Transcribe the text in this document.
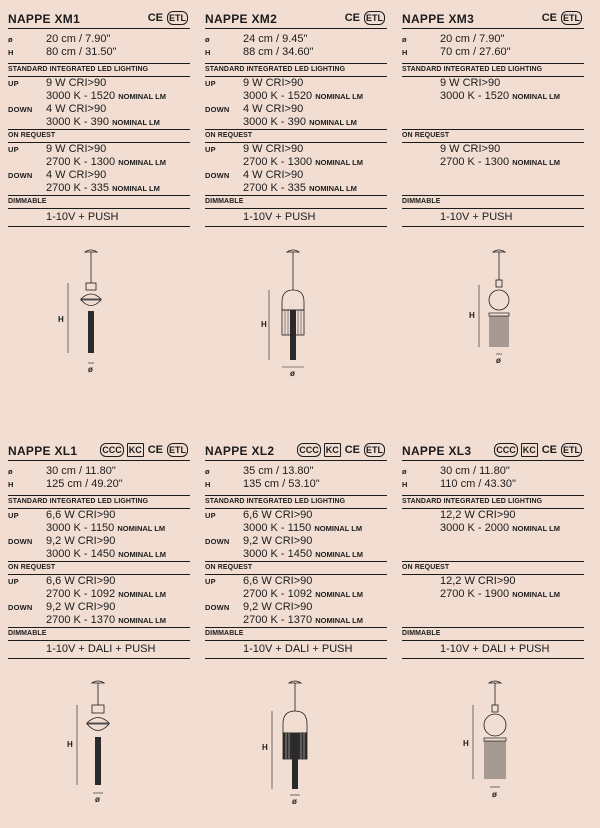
NAPPE XM1	CE ETL
ø	20 cm / 7.90"
H	80 cm / 31.50"
STANDARD INTEGRATED LED LIGHTING
UP 9 W CRI>90
3000 K - 1520 NOMINAL LM
DOWN 4 W CRI>90
3000 K - 390 NOMINAL LM
ON REQUEST
UP 9 W CRI>90
2700 K - 1300 NOMINAL LM
DOWN 4 W CRI>90
2700 K - 335 NOMINAL LM
DIMMABLE
1-10V + PUSH
NAPPE XM2	CE ETL
ø	24 cm / 9.45"
H	88 cm / 34.60"
STANDARD INTEGRATED LED LIGHTING
UP 9 W CRI>90
3000 K - 1520 NOMINAL LM
DOWN 4 W CRI>90
3000 K - 390 NOMINAL LM
ON REQUEST
UP 9 W CRI>90
2700 K - 1300 NOMINAL LM
DOWN 4 W CRI>90
2700 K - 335 NOMINAL LM
DIMMABLE
1-10V + PUSH
NAPPE XM3	CE ETL
ø	20 cm / 7.90"
H	70 cm / 27.60"
STANDARD INTEGRATED LED LIGHTING
9 W CRI>90
3000 K - 1520 NOMINAL LM
ON REQUEST
9 W CRI>90
2700 K - 1300 NOMINAL LM
DIMMABLE
1-10V + PUSH
NAPPE XL1	CCC KC CE ETL
ø	30 cm / 11.80"
H	125 cm / 49.20"
STANDARD INTEGRATED LED LIGHTING
UP 6,6 W CRI>90
3000 K - 1150 NOMINAL LM
DOWN 9,2 W CRI>90
3000 K - 1450 NOMINAL LM
ON REQUEST
UP 6,6 W CRI>90
2700 K - 1092 NOMINAL LM
DOWN 9,2 W CRI>90
2700 K - 1370 NOMINAL LM
DIMMABLE
1-10V + DALI + PUSH
NAPPE XL2	CCC KC CE ETL
ø	35 cm / 13.80"
H	135 cm / 53.10"
STANDARD INTEGRATED LED LIGHTING
UP 6,6 W CRI>90
3000 K - 1150 NOMINAL LM
DOWN 9,2 W CRI>90
3000 K - 1450 NOMINAL LM
ON REQUEST
UP 6,6 W CRI>90
2700 K - 1092 NOMINAL LM
DOWN 9,2 W CRI>90
2700 K - 1370 NOMINAL LM
DIMMABLE
1-10V + DALI + PUSH
NAPPE XL3	CCC KC CE ETL
ø	30 cm / 11.80"
H	110 cm / 43.30"
STANDARD INTEGRATED LED LIGHTING
12,2 W CRI>90
3000 K - 2000 NOMINAL LM
ON REQUEST
12,2 W CRI>90
2700 K - 1900 NOMINAL LM
DIMMABLE
1-10V + DALI + PUSH
H
ø
H
ø
H
ø
H
ø
H
ø
H
ø
